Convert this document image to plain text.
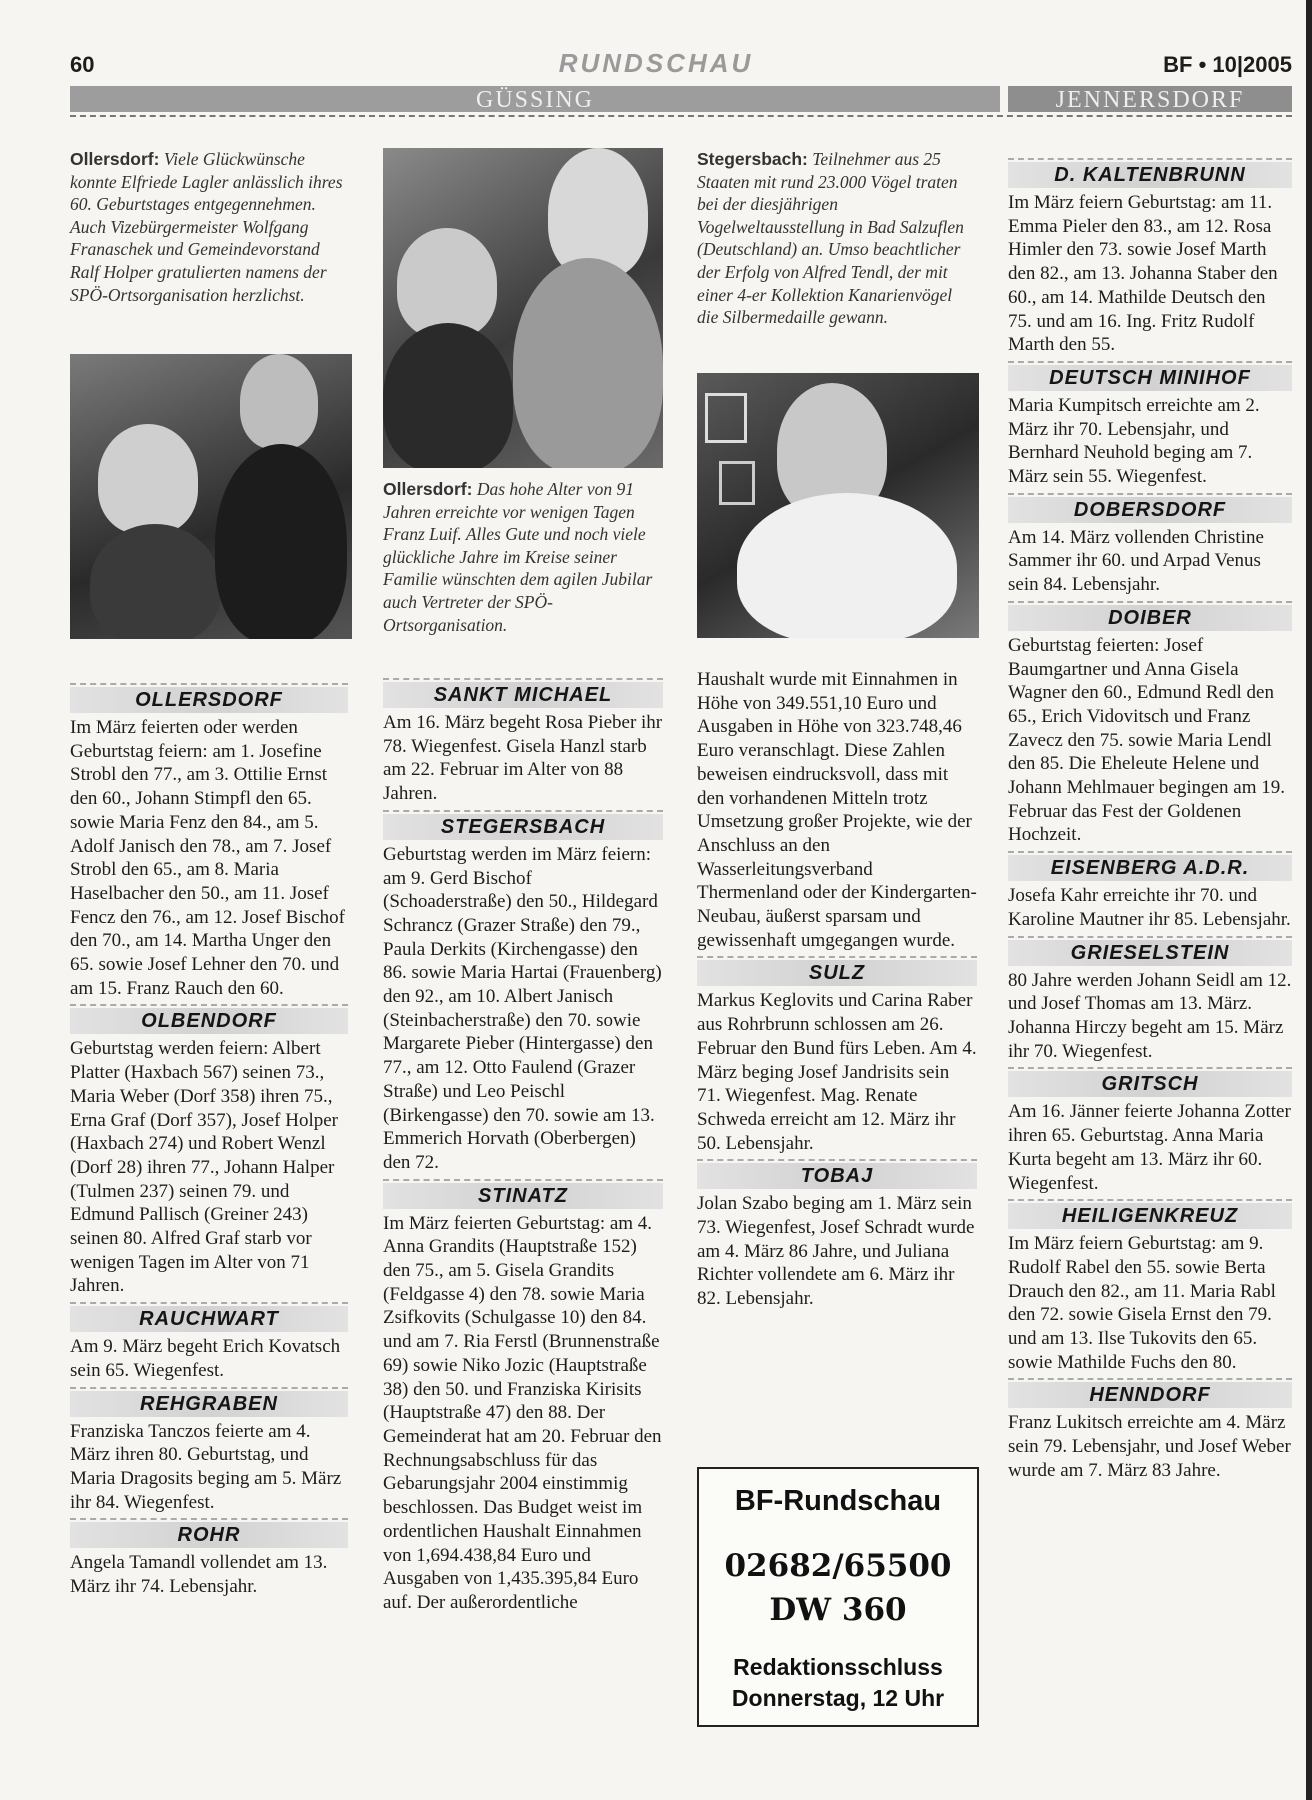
60	RUNDSCHAU	BF • 10|2005
GÜSSING	JENNERSDORF
Ollersdorf: Viele Glückwünsche konnte Elfriede Lagler anlässlich ihres 60. Geburtstages entgegennehmen. Auch Vizebürgermeister Wolfgang Franaschek und Gemeindevorstand Ralf Holper gratulierten namens der SPÖ-Ortsorganisation herzlichst.
OLLERSDORF

Im März feierten oder werden Geburtstag feiern: am 1. Josefine Strobl den 77., am 3. Ottilie Ernst den 60., Johann Stimpfl den 65. sowie Maria Fenz den 84., am 5. Adolf Janisch den 78., am 7. Josef Strobl den 65., am 8. Maria Haselbacher den 50., am 11. Josef Fencz den 76., am 12. Josef Bischof den 70., am 14. Martha Unger den 65. sowie Josef Lehner den 70. und am 15. Franz Rauch den 60.

OLBENDORF

Geburtstag werden feiern: Albert Platter (Haxbach 567) seinen 73., Maria Weber (Dorf 358) ihren 75., Erna Graf (Dorf 357), Josef Holper (Haxbach 274) und Robert Wenzl (Dorf 28) ihren 77., Johann Halper (Tulmen 237) seinen 79. und Edmund Pallisch (Greiner 243) seinen 80. Alfred Graf starb vor wenigen Tagen im Alter von 71 Jahren.

RAUCHWART

Am 9. März begeht Erich Kovatsch sein 65. Wiegenfest.

REHGRABEN

Franziska Tanczos feierte am 4. März ihren 80. Geburtstag, und Maria Dragosits beging am 5. März ihr 84. Wiegenfest.

ROHR

Angela Tamandl vollendet am 13. März ihr 74. Lebensjahr.

Ollersdorf: Das hohe Alter von 91 Jahren erreichte vor wenigen Tagen Franz Luif. Alles Gute und noch viele glückliche Jahre im Kreise seiner Familie wünschten dem agilen Jubilar auch Vertreter der SPÖ-Ortsorganisation.
SANKT MICHAEL

Am 16. März begeht Rosa Pieber ihr 78. Wiegenfest. Gisela Hanzl starb am 22. Februar im Alter von 88 Jahren.

STEGERSBACH

Geburtstag werden im März feiern: am 9. Gerd Bischof (Schoaderstraße) den 50., Hildegard Schrancz (Grazer Straße) den 79., Paula Derkits (Kirchengasse) den 86. sowie Maria Hartai (Frauenberg) den 92., am 10. Albert Janisch (Steinbacherstraße) den 70. sowie Margarete Pieber (Hintergasse) den 77., am 12. Otto Faulend (Grazer Straße) und Leo Peischl (Birkengasse) den 70. sowie am 13. Emmerich Horvath (Oberbergen) den 72.

STINATZ

Im März feierten Geburtstag: am 4. Anna Grandits (Hauptstraße 152) den 75., am 5. Gisela Grandits (Feldgasse 4) den 78. sowie Maria Zsifkovits (Schulgasse 10) den 84. und am 7. Ria Ferstl (Brunnenstraße 69) sowie Niko Jozic (Hauptstraße 38) den 50. und Franziska Kirisits (Hauptstraße 47) den 88. Der Gemeinderat hat am 20. Februar den Rechnungsabschluss für das Gebarungsjahr 2004 einstimmig beschlossen. Das Budget weist im ordentlichen Haushalt Einnahmen von 1,694.438,84 Euro und Ausgaben von 1,435.395,84 Euro auf. Der außerordentliche

Stegersbach: Teilnehmer aus 25 Staaten mit rund 23.000 Vögel traten bei der diesjährigen Vogelweltausstellung in Bad Salzuflen (Deutschland) an. Umso beachtlicher der Erfolg von Alfred Tendl, der mit einer 4-er Kollektion Kanarienvögel die Silbermedaille gewann.

Haushalt wurde mit Einnahmen in Höhe von 349.551,10 Euro und Ausgaben in Höhe von 323.748,46 Euro veranschlagt. Diese Zahlen beweisen eindrucksvoll, dass mit den vorhandenen Mitteln trotz Umsetzung großer Projekte, wie der Anschluss an den Wasserleitungsverband Thermenland oder der Kindergarten-Neubau, äußerst sparsam und gewissenhaft umgegangen wurde.

SULZ

Markus Keglovits und Carina Raber aus Rohrbrunn schlossen am 26. Februar den Bund fürs Leben. Am 4. März beging Josef Jandrisits sein 71. Wiegenfest. Mag. Renate Schweda erreicht am 12. März ihr 50. Lebensjahr.

TOBAJ

Jolan Szabo beging am 1. März sein 73. Wiegenfest, Josef Schradt wurde am 4. März 86 Jahre, und Juliana Richter vollendete am 6. März ihr 82. Lebensjahr.

BF-Rundschau
02682/65500
DW 360
Redaktionsschluss
Donnerstag, 12 Uhr
D. KALTENBRUNN

Im März feiern Geburtstag: am 11. Emma Pieler den 83., am 12. Rosa Himler den 73. sowie Josef Marth den 82., am 13. Johanna Staber den 60., am 14. Mathilde Deutsch den 75. und am 16. Ing. Fritz Rudolf Marth den 55.

DEUTSCH MINIHOF

Maria Kumpitsch erreichte am 2. März ihr 70. Lebensjahr, und Bernhard Neuhold beging am 7. März sein 55. Wiegenfest.

DOBERSDORF

Am 14. März vollenden Christine Sammer ihr 60. und Arpad Venus sein 84. Lebensjahr.

DOIBER

Geburtstag feierten: Josef Baumgartner und Anna Gisela Wagner den 60., Edmund Redl den 65., Erich Vidovitsch und Franz Zavecz den 75. sowie Maria Lendl den 85. Die Eheleute Helene und Johann Mehlmauer begingen am 19. Februar das Fest der Goldenen Hochzeit.

EISENBERG A.D.R.

Josefa Kahr erreichte ihr 70. und Karoline Mautner ihr 85. Lebensjahr.

GRIESELSTEIN

80 Jahre werden Johann Seidl am 12. und Josef Thomas am 13. März. Johanna Hirczy begeht am 15. März ihr 70. Wiegenfest.

GRITSCH

Am 16. Jänner feierte Johanna Zotter ihren 65. Geburtstag. Anna Maria Kurta begeht am 13. März ihr 60. Wiegenfest.

HEILIGENKREUZ

Im März feiern Geburtstag: am 9. Rudolf Rabel den 55. sowie Berta Drauch den 82., am 11. Maria Rabl den 72. sowie Gisela Ernst den 79. und am 13. Ilse Tukovits den 65. sowie Mathilde Fuchs den 80.

HENNDORF

Franz Lukitsch erreichte am 4. März sein 79. Lebensjahr, und Josef Weber wurde am 7. März 83 Jahre.
